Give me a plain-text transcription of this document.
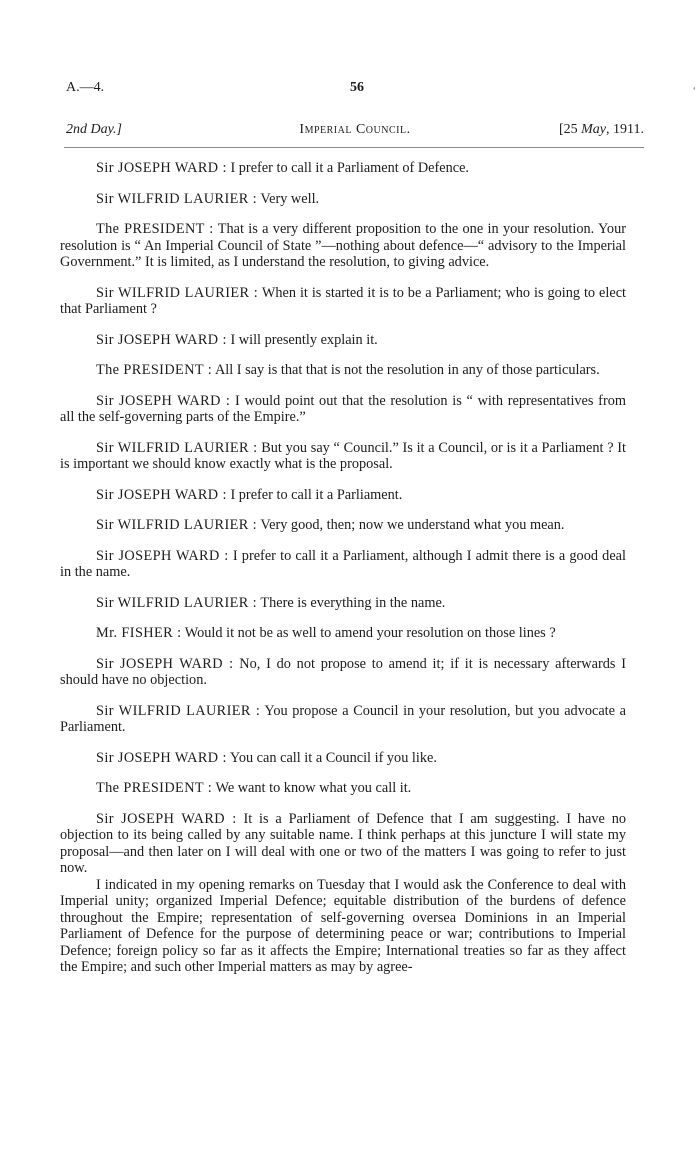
A.—4.	56	‘
2nd Day.]	Imperial Council.	[25 May, 1911.

Sir JOSEPH WARD : I prefer to call it a Parliament of Defence.

Sir WILFRID LAURIER : Very well.

The PRESIDENT : That is a very different proposition to the one in your resolution. Your resolution is “ An Imperial Council of State ”—nothing about defence—“ advisory to the Imperial Government.” It is limited, as I understand the resolution, to giving advice.

Sir WILFRID LAURIER : When it is started it is to be a Parliament; who is going to elect that Parliament ?

Sir JOSEPH WARD : I will presently explain it.

The PRESIDENT : All I say is that that is not the resolution in any of those particulars.

Sir JOSEPH WARD : I would point out that the resolution is “ with representatives from all the self-governing parts of the Empire.”

Sir WILFRID LAURIER : But you say “ Council.” Is it a Council, or is it a Parliament ? It is important we should know exactly what is the proposal.

Sir JOSEPH WARD : I prefer to call it a Parliament.

Sir WILFRID LAURIER : Very good, then; now we understand what you mean.

Sir JOSEPH WARD : I prefer to call it a Parliament, although I admit there is a good deal in the name.

Sir WILFRID LAURIER : There is everything in the name.

Mr. FISHER : Would it not be as well to amend your resolution on those lines ?

Sir JOSEPH WARD : No, I do not propose to amend it; if it is necessary afterwards I should have no objection.

Sir WILFRID LAURIER : You propose a Council in your resolution, but you advocate a Parliament.

Sir JOSEPH WARD : You can call it a Council if you like.

The PRESIDENT : We want to know what you call it.

Sir JOSEPH WARD : It is a Parliament of Defence that I am suggesting. I have no objection to its being called by any suitable name. I think perhaps at this juncture I will state my proposal—and then later on I will deal with one or two of the matters I was going to refer to just now.

I indicated in my opening remarks on Tuesday that I would ask the Conference to deal with Imperial unity; organized Imperial Defence; equitable distribution of the burdens of defence throughout the Empire; representation of self-governing oversea Dominions in an Imperial Parliament of Defence for the purpose of determining peace or war; contributions to Imperial Defence; foreign policy so far as it affects the Empire; International treaties so far as they affect the Empire; and such other Imperial matters as may by agree-
